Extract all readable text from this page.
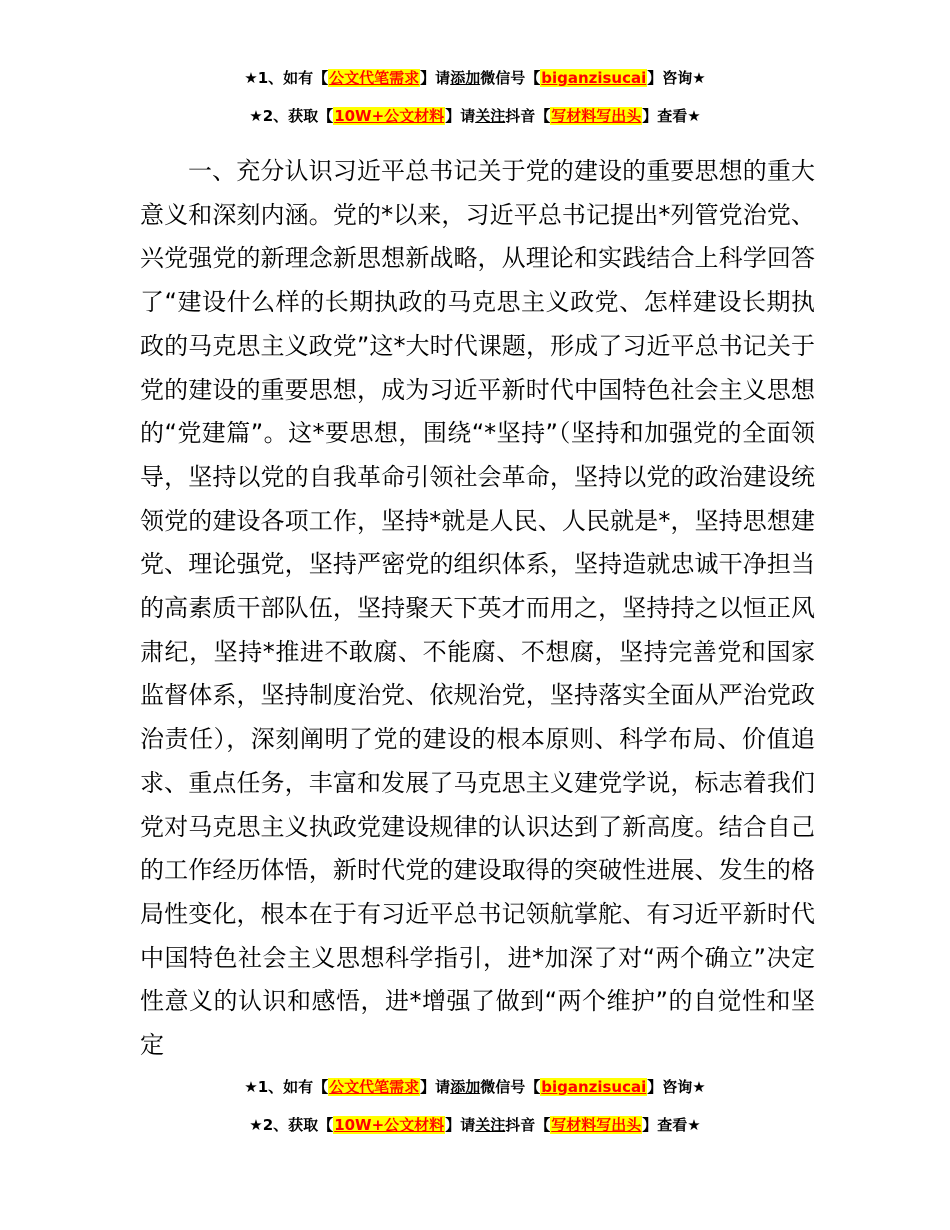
★1、如有【公文代笔需求】请添加微信号【biganzisucai】咨询★
★2、获取【10W+公文材料】请关注抖音【写材料写出头】查看★

一、充分认识习近平总书记关于党的建设的重要思想的重大意义和深刻内涵。党的*以来，习近平总书记提出*列管党治党、兴党强党的新理念新思想新战略，从理论和实践结合上科学回答了“建设什么样的长期执政的马克思主义政党、怎样建设长期执政的马克思主义政党”这*大时代课题，形成了习近平总书记关于党的建设的重要思想，成为习近平新时代中国特色社会主义思想的“党建篇”。这*要思想，围绕“*坚持”（坚持和加强党的全面领导，坚持以党的自我革命引领社会革命，坚持以党的政治建设统领党的建设各项工作，坚持*就是人民、人民就是*，坚持思想建党、理论强党，坚持严密党的组织体系，坚持造就忠诚干净担当的高素质干部队伍，坚持聚天下英才而用之，坚持持之以恒正风肃纪，坚持*推进不敢腐、不能腐、不想腐，坚持完善党和国家监督体系，坚持制度治党、依规治党，坚持落实全面从严治党政治责任），深刻阐明了党的建设的根本原则、科学布局、价值追求、重点任务，丰富和发展了马克思主义建党学说，标志着我们党对马克思主义执政党建设规律的认识达到了新高度。结合自己的工作经历体悟，新时代党的建设取得的突破性进展、发生的格局性变化，根本在于有习近平总书记领航掌舵、有习近平新时代中国特色社会主义思想科学指引，进*加深了对“两个确立”决定性意义的认识和感悟，进*增强了做到“两个维护”的自觉性和坚定

★1、如有【公文代笔需求】请添加微信号【biganzisucai】咨询★
★2、获取【10W+公文材料】请关注抖音【写材料写出头】查看★
